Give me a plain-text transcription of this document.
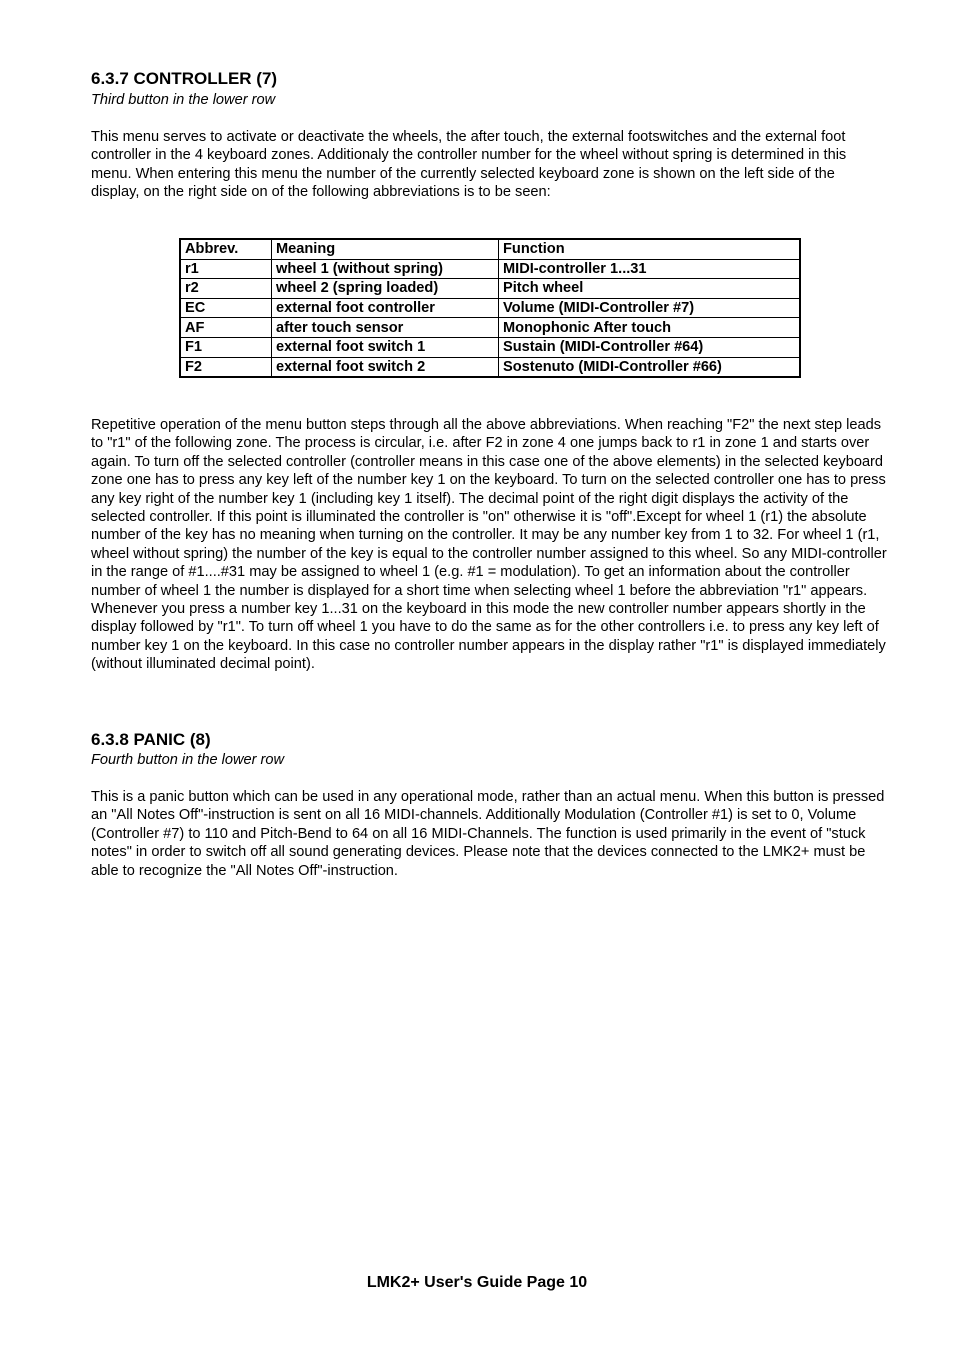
6.3.7 CONTROLLER (7)

Third button in the lower row

This menu serves to activate or deactivate the wheels, the after touch, the external footswitches and the external foot controller in the 4 keyboard zones. Additionaly the controller number for the wheel without spring is determined in this menu. When entering this menu the number of the currently selected keyboard zone is shown on the left side of the display, on the right side on of the following abbreviations is to be seen:

Abbrev.	Meaning	Function
r1	wheel 1 (without spring)	MIDI-controller 1...31
r2	wheel 2 (spring loaded)	Pitch wheel
EC	external foot controller	Volume (MIDI-Controller #7)
AF	after touch sensor	Monophonic After touch
F1	external foot switch 1	Sustain (MIDI-Controller #64)
F2	external foot switch 2	Sostenuto (MIDI-Controller #66)

Repetitive operation of the menu button steps through all the above abbreviations. When reaching "F2" the next step leads to "r1" of the following zone. The process is circular, i.e. after F2 in zone 4 one jumps back to r1 in zone 1 and starts over again. To turn off the selected controller (controller means in this case one of the above elements) in the selected keyboard zone one has to press any key left of the number key 1 on the keyboard. To turn on the selected controller one has to press any key right of the number key 1 (including key 1 itself). The decimal point of the right digit displays the activity of the selected controller. If this point is illuminated the controller is "on" otherwise it is "off".Except for wheel 1 (r1) the absolute number of the key has no meaning when turning on the controller. It may be any number key from 1 to 32. For wheel 1 (r1, wheel without spring) the number of the key is equal to the controller number assigned to this wheel. So any MIDI-controller in the range of #1....#31 may be assigned to wheel 1 (e.g. #1 = modulation). To get an information about the controller number of wheel 1 the number is displayed for a short time when selecting wheel 1 before the abbreviation "r1" appears. Whenever you press a number key 1...31 on the keyboard in this mode the new controller number appears shortly in the display followed by "r1". To turn off wheel 1 you have to do the same as for the other controllers i.e. to press any key left of number key 1 on the keyboard. In this case no controller number appears in the display rather "r1" is displayed immediately (without illuminated decimal point).

6.3.8 PANIC (8)

Fourth button in the lower row

This is a panic button which can be used in any operational mode, rather than an actual menu. When this button is pressed an "All Notes Off"-instruction is sent on all 16 MIDI-channels. Additionally Modulation (Controller #1) is set to 0, Volume (Controller #7) to 110 and Pitch-Bend to 64 on all 16 MIDI-Channels. The function is used primarily in the event of "stuck notes" in order to switch off all sound generating devices. Please note that the devices connected to the LMK2+ must be able to recognize the "All Notes Off"-instruction.

LMK2+ User's Guide Page 10
